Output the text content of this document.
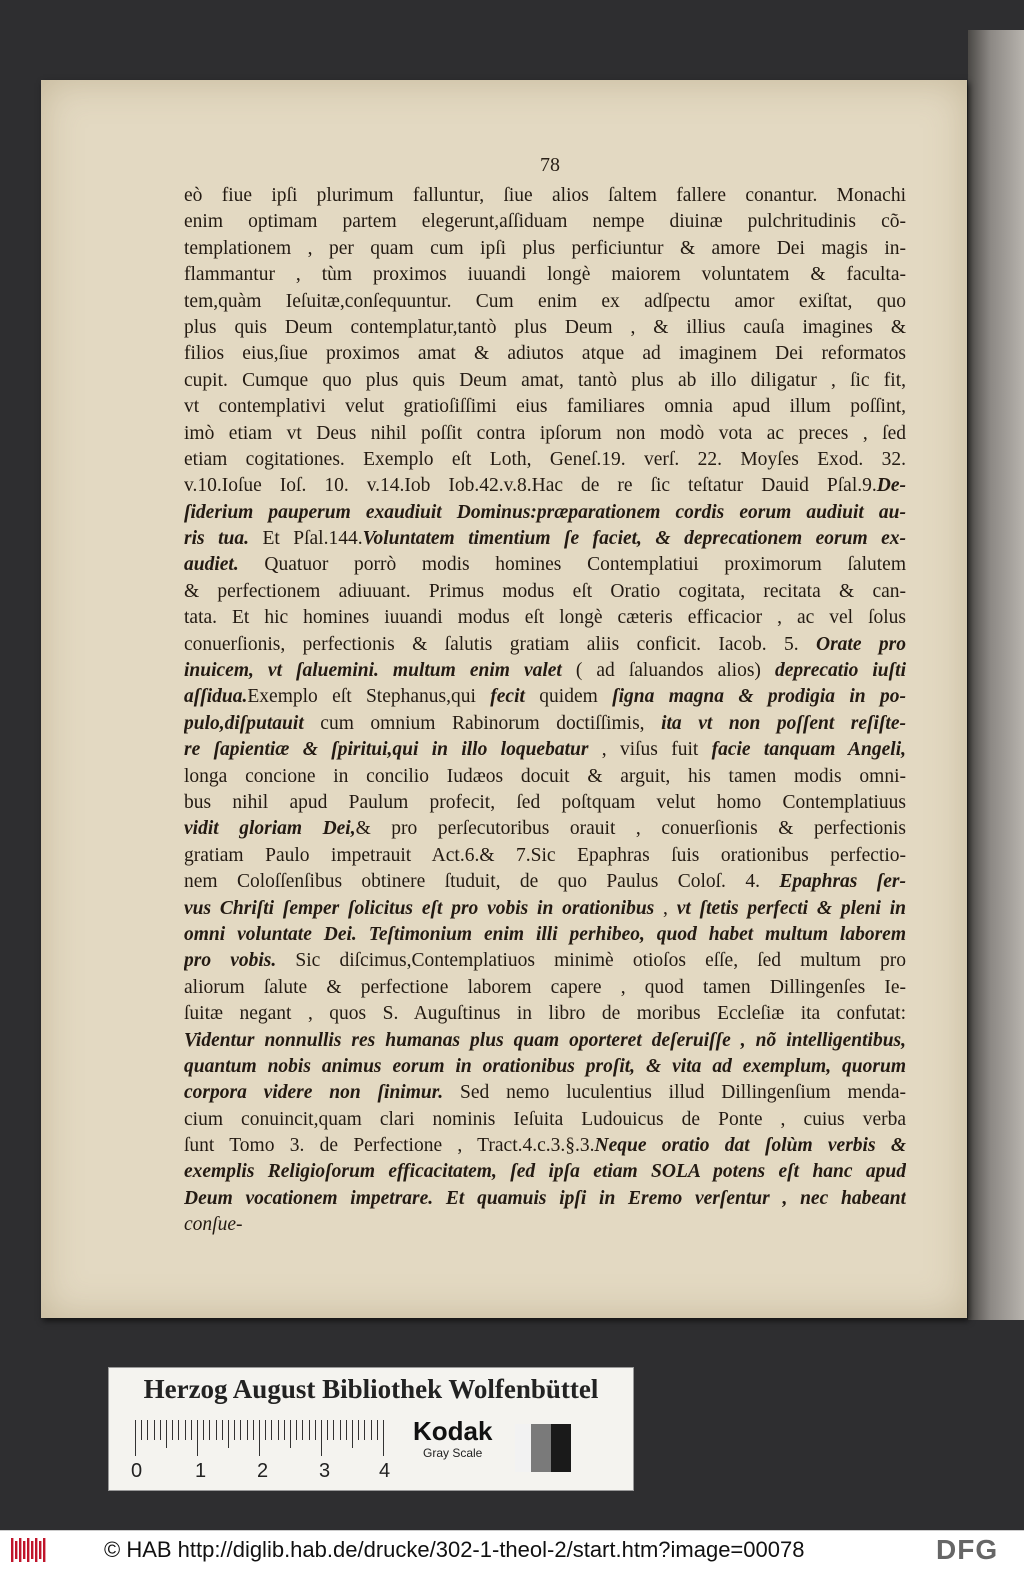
78
eò fiue ipſi plurimum falluntur, ſiue alios ſaltem fallere conantur. Monachi
enim optimam partem elegerunt,aſſiduam nempe diuinæ pulchritudinis cõ-
templationem , per quam cum ipſi plus perficiuntur & amore Dei magis in-
flammantur , tùm proximos iuuandi longè maiorem voluntatem & faculta-
tem,quàm Ieſuitæ,conſequuntur. Cum enim ex adſpectu amor exiſtat, quo
plus quis Deum contemplatur,tantò plus Deum , & illius cauſa imagines &
filios eius,ſiue proximos amat & adiutos atque ad imaginem Dei reformatos
cupit. Cumque quo plus quis Deum amat, tantò plus ab illo diligatur , ſic fit,
vt contemplativi velut gratioſiſſimi eius familiares omnia apud illum poſſint,
imò etiam vt Deus nihil poſſit contra ipſorum non modò vota ac preces , ſed
etiam cogitationes. Exemplo eſt Loth, Geneſ.19. verſ. 22. Moyſes Exod. 32.
v.10.Ioſue Ioſ. 10. v.14.Iob Iob.42.v.8.Hac de re ſic teſtatur Dauid Pſal.9.De-
ſiderium pauperum exaudiuit Dominus:præparationem cordis eorum audiuit au-
ris tua. Et Pſal.144.Voluntatem timentium ſe faciet, & deprecationem eorum ex-
audiet. Quatuor porrò modis homines Contemplatiui proximorum ſalutem
& perfectionem adiuuant. Primus modus eſt Oratio cogitata, recitata & can-
tata. Et hic homines iuuandi modus eſt longè cæteris efficacior , ac vel ſolus
conuerſionis, perfectionis & ſalutis gratiam aliis conficit. Iacob. 5. Orate pro
inuicem, vt ſaluemini. multum enim valet ( ad ſaluandos alios) deprecatio iuſti
aſſidua.Exemplo eſt Stephanus,qui fecit quidem ſigna magna & prodigia in po-
pulo,diſputauit cum omnium Rabinorum doctiſſimis, ita vt non poſſent reſiſte-
re ſapientiæ & ſpiritui,qui in illo loquebatur , viſus fuit facie tanquam Angeli,
longa concione in concilio Iudæos docuit & arguit, his tamen modis omni-
bus nihil apud Paulum profecit, ſed poſtquam velut homo Contemplatiuus
vidit gloriam Dei,& pro perſecutoribus orauit , conuerſionis & perfectionis
gratiam Paulo impetrauit Act.6.& 7.Sic Epaphras ſuis orationibus perfectio-
nem Coloſſenſibus obtinere ſtuduit, de quo Paulus Coloſ. 4. Epaphras ſer-
vus Chriſti ſemper ſolicitus eſt pro vobis in orationibus , vt ſtetis perfecti & pleni in
omni voluntate Dei. Teſtimonium enim illi perhibeo, quod habet multum laborem
pro vobis. Sic diſcimus,Contemplatiuos minimè otioſos eſſe, ſed multum pro
aliorum ſalute & perfectione laborem capere , quod tamen Dillingenſes Ie-
ſuitæ negant , quos S. Auguſtinus in libro de moribus Eccleſiæ ita confutat:
Videntur nonnullis res humanas plus quam oporteret deſeruiſſe , nõ intelligentibus,
quantum nobis animus eorum in orationibus proſit, & vita ad exemplum, quorum
corpora videre non ſinimur. Sed nemo luculentius illud Dillingenſium menda-
cium conuincit,quam clari nominis Ieſuita Ludouicus de Ponte , cuius verba
ſunt Tomo 3. de Perfectione , Tract.4.c.3.§.3.Neque oratio dat ſolùm verbis &
exemplis Religioſorum efficacitatem, ſed ipſa etiam SOLA potens eſt hanc apud
Deum vocationem impetrare. Et quamuis ipſi in Eremo verſentur , nec habeant
conſue-
Herzog August Bibliothek Wolfenbüttel
0	1	2	3 4
Kodak
Gray Scale
© HAB http://diglib.hab.de/drucke/302-1-theol-2/start.htm?image=00078	DFG
